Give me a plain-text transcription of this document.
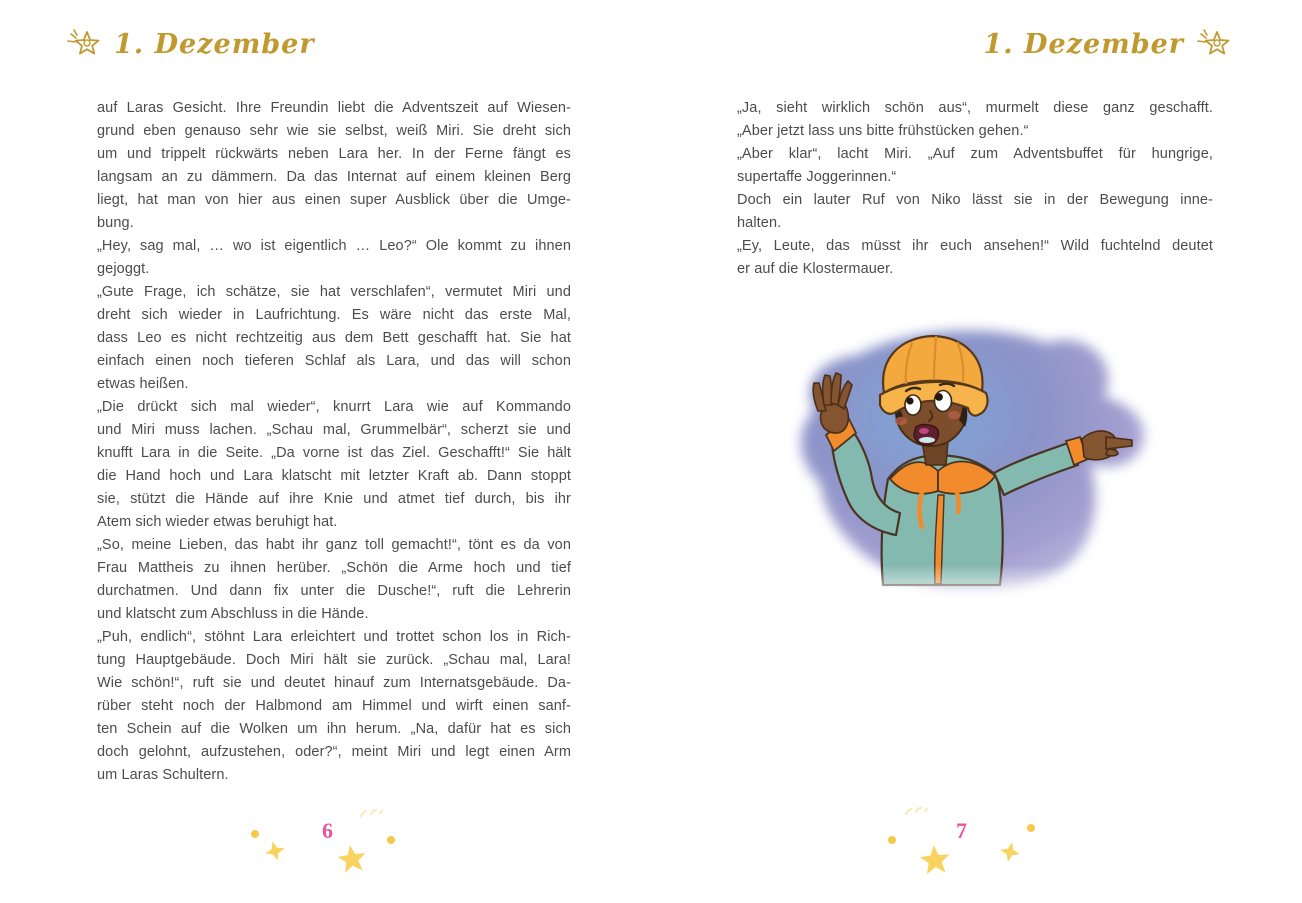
1. Dezember	1. Dezember
auf Laras Gesicht. Ihre Freundin liebt die Adventszeit auf Wiesen-
grund eben genauso sehr wie sie selbst, weiß Miri. Sie dreht sich
um und trippelt rückwärts neben Lara her. In der Ferne fängt es
langsam an zu dämmern. Da das Internat auf einem kleinen Berg
liegt, hat man von hier aus einen super Ausblick über die Umge-
bung.
„Hey, sag mal, … wo ist eigentlich … Leo?“ Ole kommt zu ihnen
gejoggt.
„Gute Frage, ich schätze, sie hat verschlafen“, vermutet Miri und
dreht sich wieder in Laufrichtung. Es wäre nicht das erste Mal,
dass Leo es nicht rechtzeitig aus dem Bett geschafft hat. Sie hat
einfach einen noch tieferen Schlaf als Lara, und das will schon
etwas heißen.
„Die drückt sich mal wieder“, knurrt Lara wie auf Kommando
und Miri muss lachen. „Schau mal, Grummelbär“, scherzt sie und
knufft Lara in die Seite. „Da vorne ist das Ziel. Geschafft!“ Sie hält
die Hand hoch und Lara klatscht mit letzter Kraft ab. Dann stoppt
sie, stützt die Hände auf ihre Knie und atmet tief durch, bis ihr
Atem sich wieder etwas beruhigt hat.
„So, meine Lieben, das habt ihr ganz toll gemacht!“, tönt es da von
Frau Mattheis zu ihnen herüber. „Schön die Arme hoch und tief
durchatmen. Und dann fix unter die Dusche!“, ruft die Lehrerin
und klatscht zum Abschluss in die Hände.
„Puh, endlich“, stöhnt Lara erleichtert und trottet schon los in Rich-
tung Hauptgebäude. Doch Miri hält sie zurück. „Schau mal, Lara!
Wie schön!“, ruft sie und deutet hinauf zum Internatsgebäude. Da-
rüber steht noch der Halbmond am Himmel und wirft einen sanf-
ten Schein auf die Wolken um ihn herum. „Na, dafür hat es sich
doch gelohnt, aufzustehen, oder?“, meint Miri und legt einen Arm
um Laras Schultern.
„Ja, sieht wirklich schön aus“, murmelt diese ganz geschafft.
„Aber jetzt lass uns bitte frühstücken gehen.“
„Aber klar“, lacht Miri. „Auf zum Adventsbuffet für hungrige,
supertaffe Joggerinnen.“
Doch ein lauter Ruf von Niko lässt sie in der Bewegung inne-
halten.
„Ey, Leute, das müsst ihr euch ansehen!“ Wild fuchtelnd deutet
er auf die Klostermauer.
6	7
